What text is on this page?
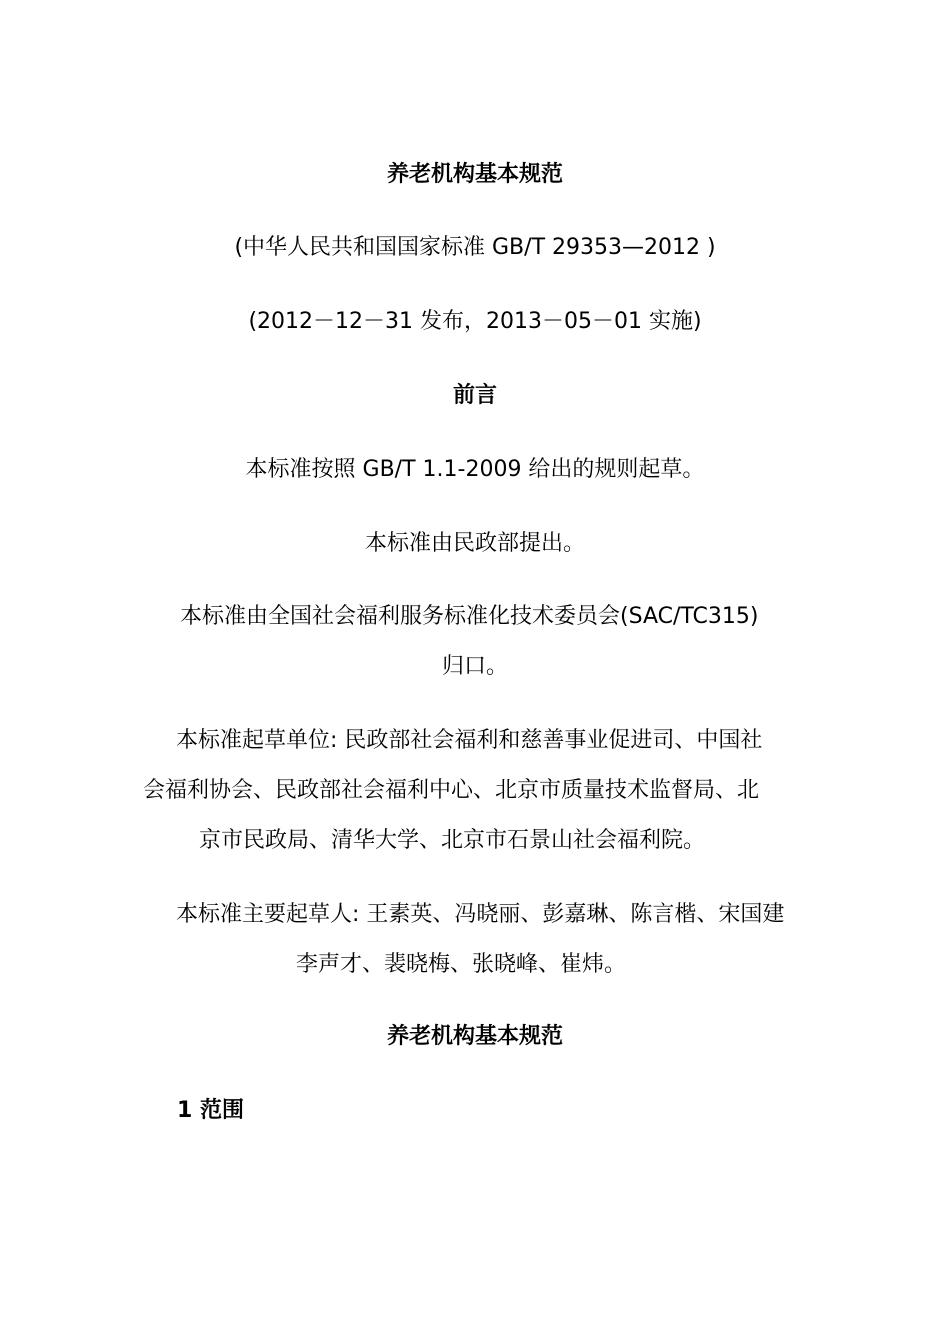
养老机构基本规范
(中华人民共和国国家标准 GB/T 29353—2012 )
(2012－12－31 发布，2013－05－01 实施)
前言
本标准按照 GB/T 1.1-2009 给出的规则起草。
本标准由民政部提出。
本标准由全国社会福利服务标准化技术委员会(SAC/TC315)
归口。
本标准起草单位: 民政部社会福利和慈善事业促进司、中国社
会福利协会、民政部社会福利中心、北京市质量技术监督局、北
京市民政局、清华大学、北京市石景山社会福利院。
本标准主要起草人: 王素英、冯晓丽、彭嘉琳、陈言楷、宋国建
李声才、裴晓梅、张晓峰、崔炜。
养老机构基本规范
1 范围
